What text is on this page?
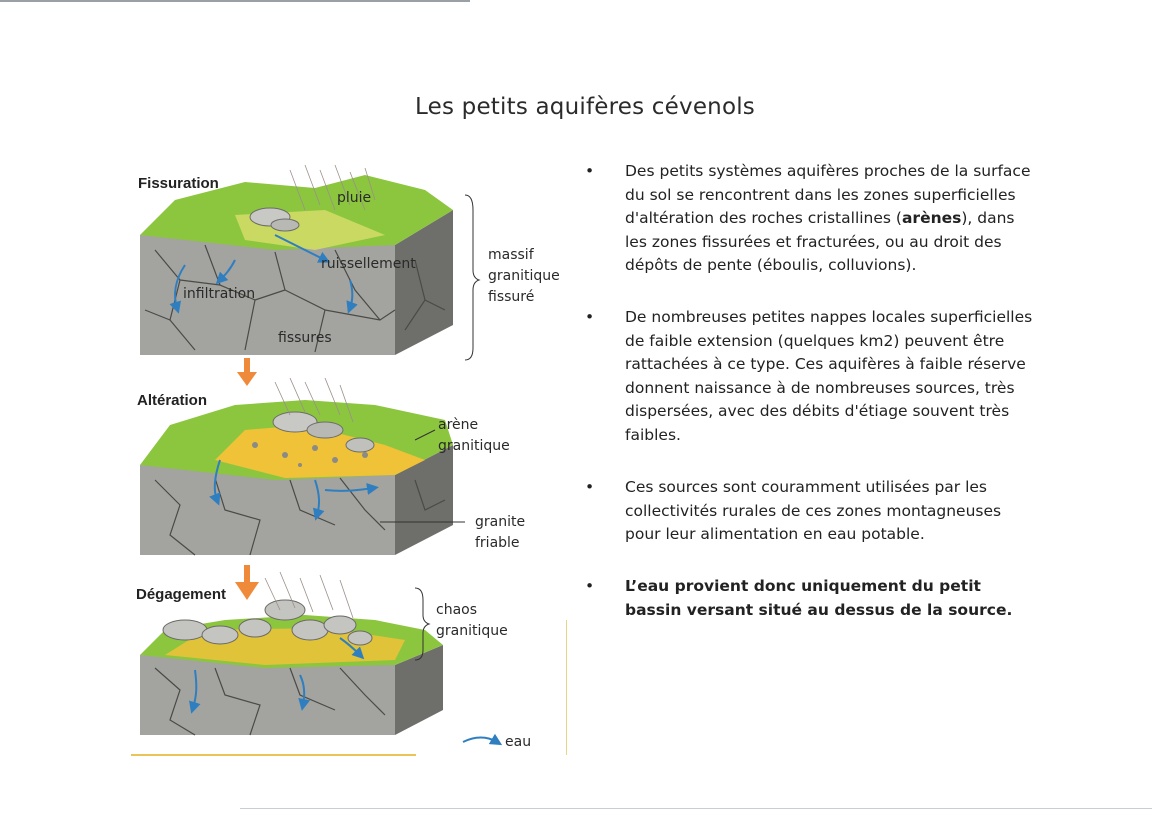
Les petits aquifères cévenols
Fissuration
Altération
Dégagement
pluie
ruissellement
infiltration
fissures
massif
granitique
fissuré
arène
granitique
granite
friable
chaos
granitique
eau
•	Des petits systèmes aquifères proches de la surface du sol se rencontrent dans les zones superficielles d'altération des roches cristallines (arènes), dans les zones fissurées et fracturées, ou au droit des dépôts de pente (éboulis, colluvions).
•	De nombreuses petites nappes locales superficielles de faible extension (quelques km2) peuvent être rattachées à ce type. Ces aquifères à faible réserve donnent naissance à de nombreuses sources, très dispersées, avec des débits d'étiage souvent très faibles.
•	Ces sources sont couramment utilisées par les collectivités rurales de ces zones montagneuses pour leur alimentation en eau potable.
•	L’eau provient donc uniquement du petit bassin versant situé au dessus de la source.
